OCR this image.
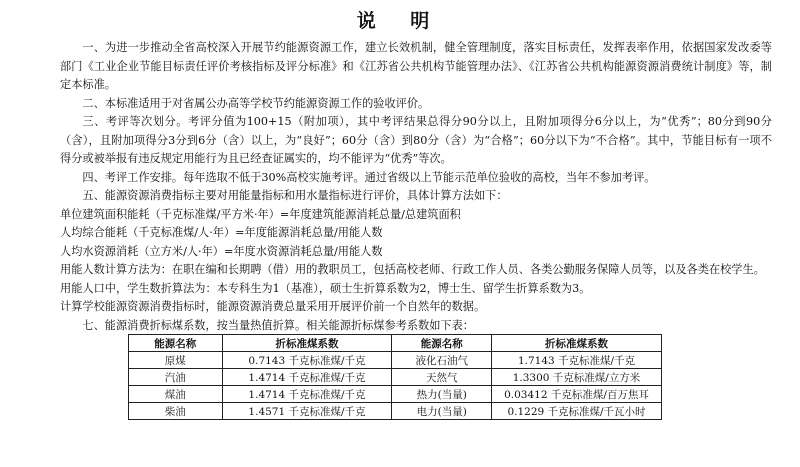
说 明

一、为进一步推动全省高校深入开展节约能源资源工作，建立长效机制，健全管理制度，落实目标责任，发挥表率作用，依据国家发改委等部门《工业企业节能目标责任评价考核指标及评分标准》和《江苏省公共机构节能管理办法》、《江苏省公共机构能源资源消费统计制度》等，制定本标准。

二、本标准适用于对省属公办高等学校节约能源资源工作的验收评价。

三、考评等次划分。考评分值为100+15（附加项），其中考评结果总得分90分以上，且附加项得分6分以上，为“优秀”；80分到90分（含），且附加项得分3分到6分（含）以上，为“良好”；60分（含）到80分（含）为“合格”；60分以下为“不合格”。其中，节能目标有一项不得分或被举报有违反规定用能行为且已经查证属实的，均不能评为“优秀”等次。

四、考评工作安排。每年选取不低于30%高校实施考评。通过省级以上节能示范单位验收的高校，当年不参加考评。

五、能源资源消费指标主要对用能量指标和用水量指标进行评价，具体计算方法如下：

单位建筑面积能耗（千克标准煤/平方米·年）=年度建筑能源消耗总量/总建筑面积

人均综合能耗（千克标准煤/人·年）=年度能源消耗总量/用能人数

人均水资源消耗（立方米/人·年）=年度水资源消耗总量/用能人数

用能人数计算方法为：在职在编和长期聘（借）用的教职员工，包括高校老师、行政工作人员、各类公勤服务保障人员等，以及各类在校学生。

用能人口中，学生数折算法为：本专科生为1（基准），硕士生折算系数为2，博士生、留学生折算系数为3。

计算学校能源资源消费指标时，能源资源消费总量采用开展评价前一个自然年的数据。

七、能源消费折标煤系数，按当量热值折算。相关能源折标煤参考系数如下表：

能源名称	折标准煤系数	能源名称	折标准煤系数
原煤	0.7143 千克标准煤/千克	液化石油气	1.7143 千克标准煤/千克
汽油	1.4714 千克标准煤/千克	天然气	1.3300 千克标准煤/立方米
煤油	1.4714 千克标准煤/千克	热力(当量)	0.03412 千克标准煤/百万焦耳
柴油	1.4571 千克标准煤/千克	电力(当量)	0.1229 千克标准煤/千瓦小时
